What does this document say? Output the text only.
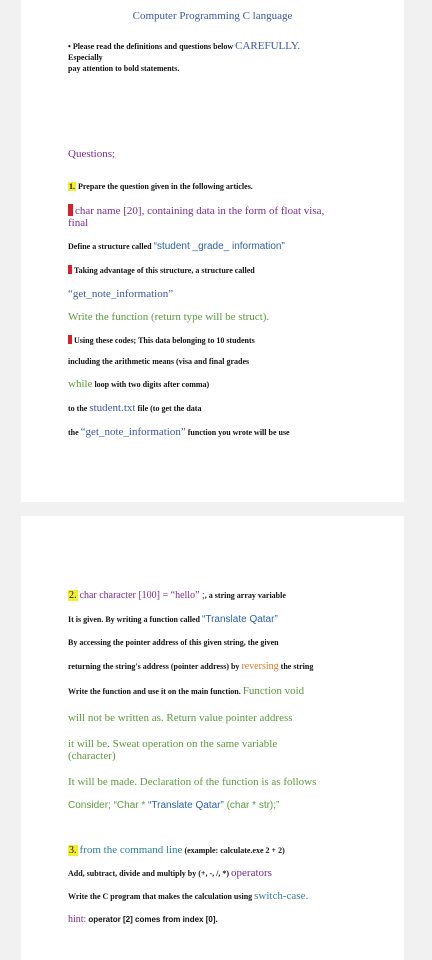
Computer Programming C language
• Please read the definitions and questions below CAREFULLY.
Especially
pay attention to bold statements.
Questions;
1. Prepare the question given in the following articles.
char name [20], containing data in the form of float visa,
final
Define a structure called “student _grade_ information”
Taking advantage of this structure, a structure called
“get_note_information”
Write the function (return type will be struct).
Using these codes; This data belonging to 10 students
including the arithmetic means (visa and final grades
while loop with two digits after comma)
to the student.txt file (to get the data
the “get_note_information” function you wrote will be use
2. char character [100] = “hello” ;, a string array variable
It is given. By writing a function called “Translate Qatar”
By accessing the pointer address of this given string, the given
returning the string's address (pointer address) by reversing the string
Write the function and use it on the main function. Function void
will not be written as. Return value pointer address
it will be. Sweat operation on the same variable
(character)
It will be made. Declaration of the function is as follows
Consider; “Char * “Translate Qatar” (char * str);”
3. from the command line (example: calculate.exe 2 + 2)
Add, subtract, divide and multiply by (+, -, /, *) operators
Write the C program that makes the calculation using switch-case.
hint: operator [2] comes from index [0].
